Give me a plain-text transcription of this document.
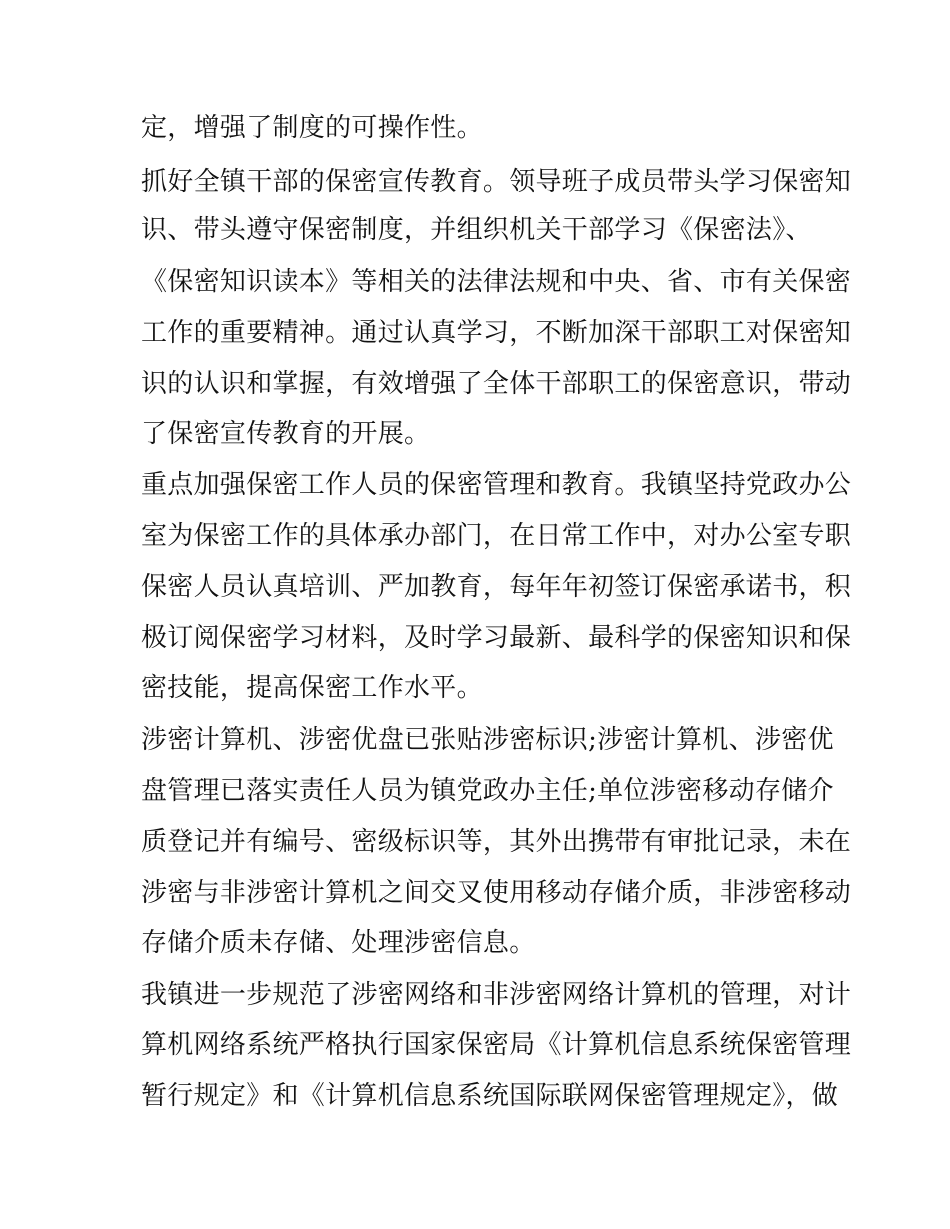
定，增强了制度的可操作性。
抓好全镇干部的保密宣传教育。领导班子成员带头学习保密知
识、带头遵守保密制度，并组织机关干部学习《保密法》、
《保密知识读本》等相关的法律法规和中央、省、市有关保密
工作的重要精神。通过认真学习，不断加深干部职工对保密知
识的认识和掌握，有效增强了全体干部职工的保密意识，带动
了保密宣传教育的开展。
重点加强保密工作人员的保密管理和教育。我镇坚持党政办公
室为保密工作的具体承办部门，在日常工作中，对办公室专职
保密人员认真培训、严加教育，每年年初签订保密承诺书，积
极订阅保密学习材料，及时学习最新、最科学的保密知识和保
密技能，提高保密工作水平。
涉密计算机、涉密优盘已张贴涉密标识;涉密计算机、涉密优
盘管理已落实责任人员为镇党政办主任;单位涉密移动存储介
质登记并有编号、密级标识等，其外出携带有审批记录，未在
涉密与非涉密计算机之间交叉使用移动存储介质，非涉密移动
存储介质未存储、处理涉密信息。
我镇进一步规范了涉密网络和非涉密网络计算机的管理，对计
算机网络系统严格执行国家保密局《计算机信息系统保密管理
暂行规定》和《计算机信息系统国际联网保密管理规定》，做
